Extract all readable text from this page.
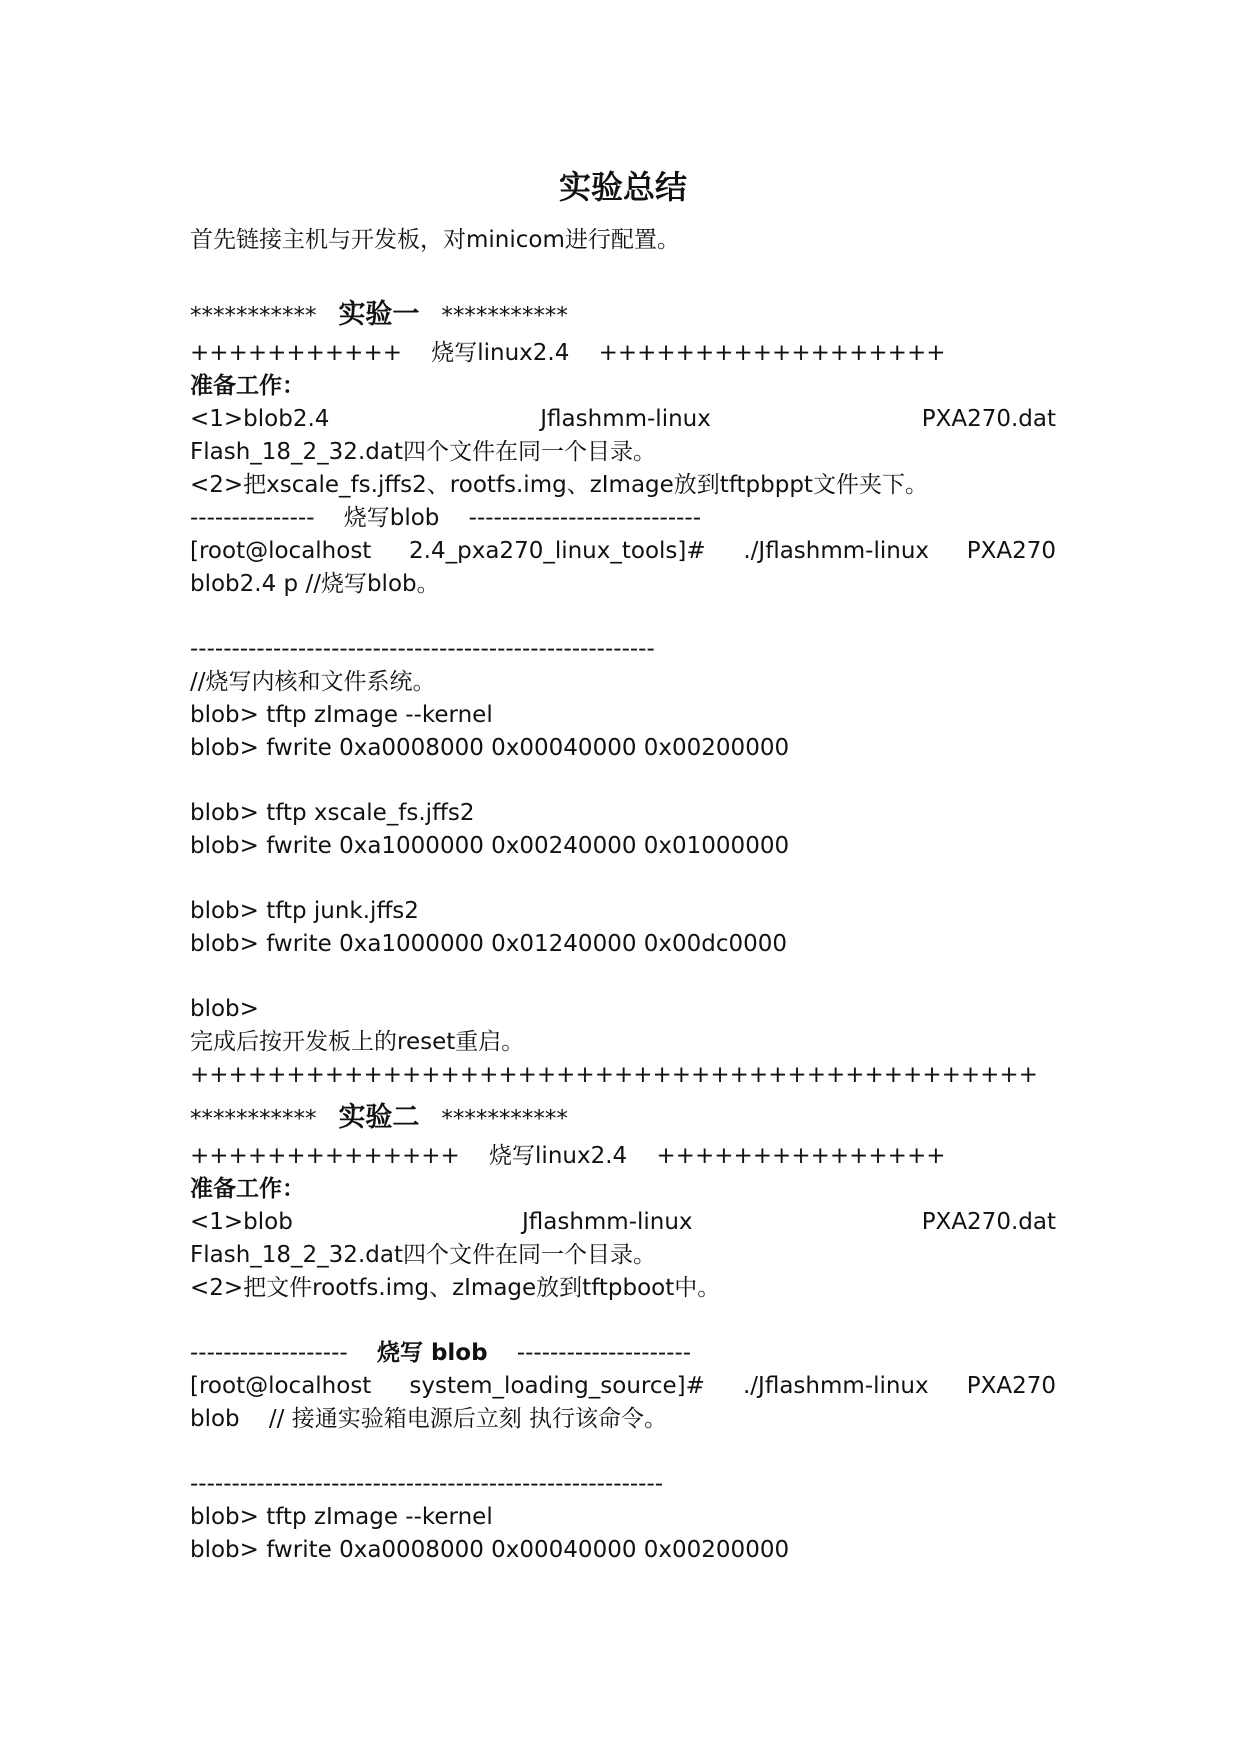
实验总结
首先链接主机与开发板，对minicom进行配置。
*********** 实验一 ***********
+++++++++++    烧写linux2.4    ++++++++++++++++++
准备工作：
<1>blob2.4	Jflashmm-linux	PXA270.dat
Flash_18_2_32.dat四个文件在同一个目录。
<2>把xscale_fs.jffs2、rootfs.img、zImage放到tftpbppt文件夹下。
---------------    烧写blob    ----------------------------
[root@localhost 2.4_pxa270_linux_tools]# ./Jflashmm-linux PXA270
blob2.4 p //烧写blob。
--------------------------------------------------------
//烧写内核和文件系统。
blob> tftp zImage --kernel
blob> fwrite 0xa0008000 0x00040000 0x00200000
blob> tftp xscale_fs.jffs2
blob> fwrite 0xa1000000 0x00240000 0x01000000
blob> tftp junk.jffs2
blob> fwrite 0xa1000000 0x01240000 0x00dc0000
blob>
完成后按开发板上的reset重启。
++++++++++++++++++++++++++++++++++++++++++++
*********** 实验二 ***********
++++++++++++++    烧写linux2.4    +++++++++++++++
准备工作：
<1>blob	Jflashmm-linux	PXA270.dat
Flash_18_2_32.dat四个文件在同一个目录。
<2>把文件rootfs.img、zImage放到tftpboot中。
------------------- 烧写 blob ---------------------
[root@localhost system_loading_source]# ./Jflashmm-linux PXA270
blob    // 接通实验箱电源后立刻 执行该命令。
---------------------------------------------------------
blob> tftp zImage --kernel
blob> fwrite 0xa0008000 0x00040000 0x00200000
